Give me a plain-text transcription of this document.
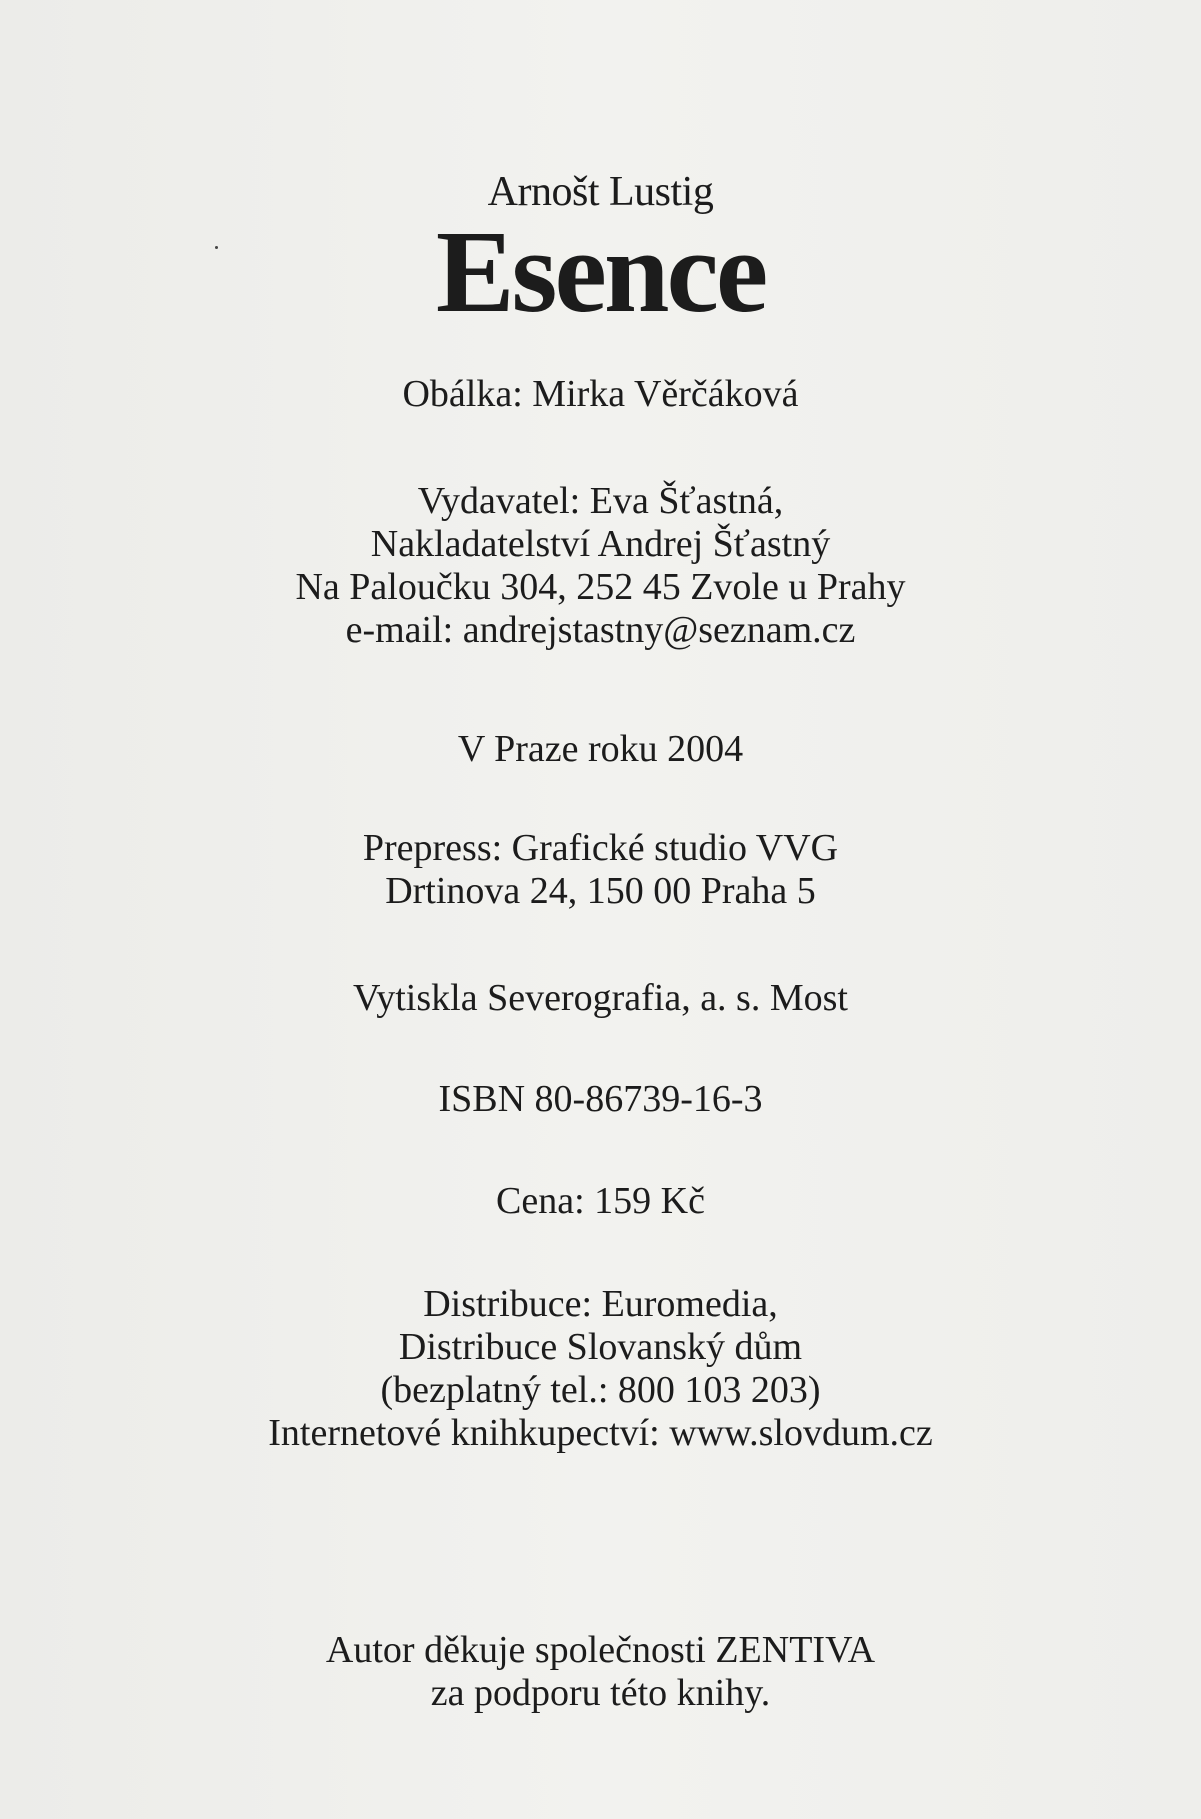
Arnošt Lustig
Esence
Obálka: Mirka Věrčáková
Vydavatel: Eva Šťastná,
Nakladatelství Andrej Šťastný
Na Paloučku 304, 252 45 Zvole u Prahy
e-mail: andrejstastny@seznam.cz
V Praze roku 2004
Prepress: Grafické studio VVG
Drtinova 24, 150 00 Praha 5
Vytiskla Severografia, a. s. Most
ISBN 80-86739-16-3
Cena: 159 Kč
Distribuce: Euromedia,
Distribuce Slovanský dům
(bezplatný tel.: 800 103 203)
Internetové knihkupectví: www.slovdum.cz
Autor děkuje společnosti ZENTIVA
za podporu této knihy.
